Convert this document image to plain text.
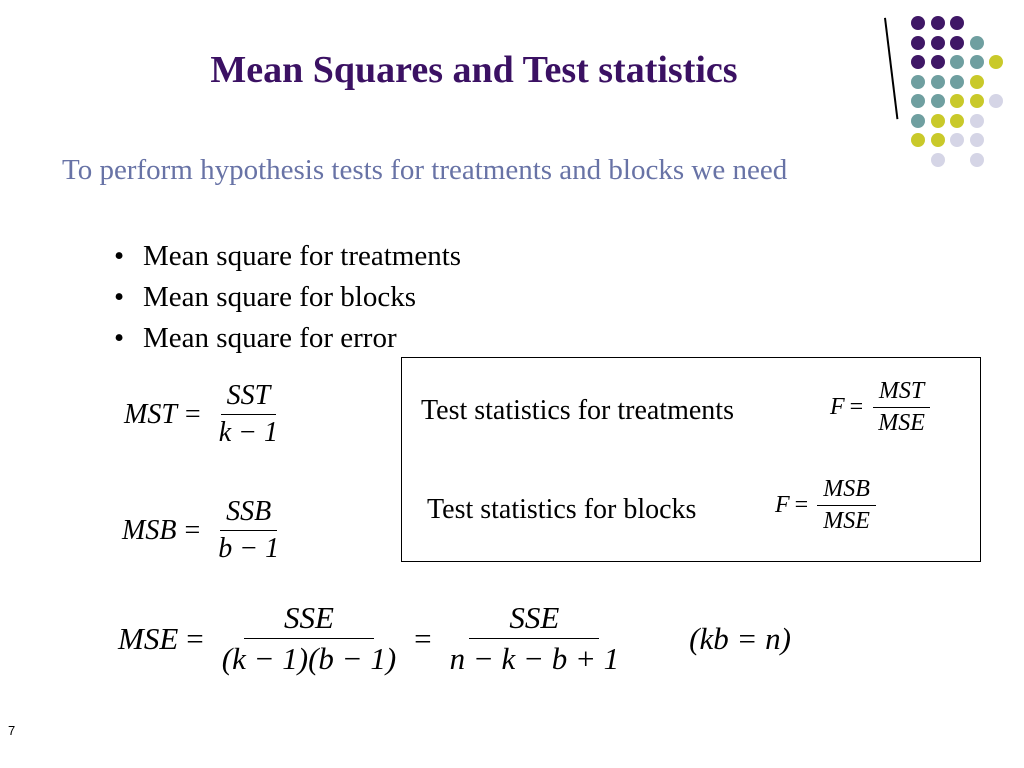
Mean Squares and Test statistics
To perform hypothesis tests for treatments and blocks we need
• Mean square for treatments
• Mean square for blocks
• Mean square for error
MST = $\frac{\text{SST}}{k - 1}$
MSB = $\frac{\text{SSB}}{b - 1}$
MSE = $\frac{\text{SSE}}{(k - 1)(b - 1)} = \frac{\text{SSE}}{n - k - b + 1} (kb = n)$
Test statistics for treatments	$F = \frac{\text{MST}}{\text{MSE}}$
Test statistics for blocks	$F = \frac{\text{MSB}}{\text{MSE}}$
7
